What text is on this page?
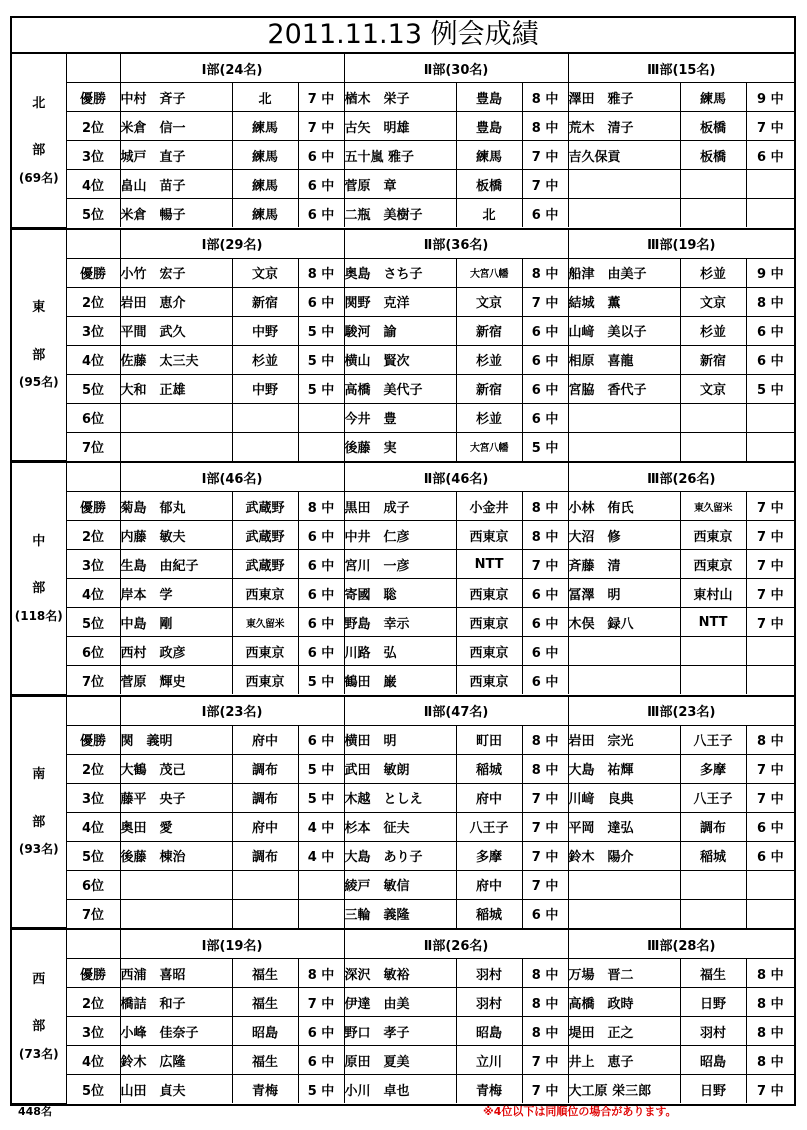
2011.11.13 例会成績
北
部
(69名)		Ⅰ部(24名)			Ⅱ部(30名)			Ⅲ部(15名)		
	優勝	中村　斉子	北	7 中	楢木　栄子	豊島	8 中	澤田　雅子	練馬	9 中
	2位	米倉　信一	練馬	7 中	古矢　明雄	豊島	8 中	荒木　清子	板橋	7 中
	3位	城戸　直子	練馬	6 中	五十嵐 雅子	練馬	7 中	吉久保貢	板橋	6 中
	4位	畠山　苗子	練馬	6 中	菅原　章	板橋	7 中			
	5位	米倉　暢子	練馬	6 中	二瓶　美樹子	北	6 中			
東
部
(95名)		Ⅰ部(29名)			Ⅱ部(36名)			Ⅲ部(19名)		
	優勝	小竹　宏子	文京	8 中	奥島　さち子	大宮八幡	8 中	船津　由美子	杉並	9 中
	2位	岩田　恵介	新宿	6 中	関野　克洋	文京	7 中	結城　薫	文京	8 中
	3位	平間　武久	中野	5 中	駿河　諭	新宿	6 中	山﨑　美以子	杉並	6 中
	4位	佐藤　太三夫	杉並	5 中	横山　賢次	杉並	6 中	相原　喜龍	新宿	6 中
	5位	大和　正雄	中野	5 中	高橋　美代子	新宿	6 中	宮脇　香代子	文京	5 中
	6位				今井　豊	杉並	6 中			
	7位				後藤　実	大宮八幡	5 中			
中
部
(118名)		Ⅰ部(46名)			Ⅱ部(46名)			Ⅲ部(26名)		
	優勝	菊島　郁丸	武蔵野	8 中	黒田　成子	小金井	8 中	小林　侑氏	東久留米	7 中
	2位	内藤　敏夫	武蔵野	6 中	中井　仁彦	西東京	8 中	大沼　修	西東京	7 中
	3位	生島　由紀子	武蔵野	6 中	宮川　一彦	NTT	7 中	斉藤　清	西東京	7 中
	4位	岸本　学	西東京	6 中	寄國　聡	西東京	6 中	冨澤　明	東村山	7 中
	5位	中島　剛	東久留米	6 中	野島　幸示	西東京	6 中	木俣　録八	NTT	7 中
	6位	西村　政彦	西東京	6 中	川路　弘	西東京	6 中			
	7位	菅原　輝史	西東京	5 中	鶴田　巌	西東京	6 中			
南
部
(93名)		Ⅰ部(23名)			Ⅱ部(47名)			Ⅲ部(23名)		
	優勝	関　義明	府中	6 中	横田　明	町田	8 中	岩田　宗光	八王子	8 中
	2位	大鶴　茂己	調布	5 中	武田　敏朗	稲城	8 中	大島　祐輝	多摩	7 中
	3位	藤平　央子	調布	5 中	木越　としえ	府中	7 中	川﨑　良典	八王子	7 中
	4位	奥田　愛	府中	4 中	杉本　征夫	八王子	7 中	平岡　達弘	調布	6 中
	5位	後藤　棟治	調布	4 中	大島　あり子	多摩	7 中	鈴木　陽介	稲城	6 中
	6位				綾戸　敏信	府中	7 中			
	7位				三輪　義隆	稲城	6 中			
西
部
(73名)		Ⅰ部(19名)			Ⅱ部(26名)			Ⅲ部(28名)		
	優勝	西浦　喜昭	福生	8 中	深沢　敏裕	羽村	8 中	万場　晋二	福生	8 中
	2位	橋詰　和子	福生	7 中	伊達　由美	羽村	8 中	高橋　政時	日野	8 中
	3位	小峰　佳奈子	昭島	6 中	野口　孝子	昭島	8 中	堤田　正之	羽村	8 中
	4位	鈴木　広隆	福生	6 中	原田　夏美	立川	7 中	井上　恵子	昭島	8 中
	5位	山田　貞夫	青梅	5 中	小川　卓也	青梅	7 中	大工原 栄三郎	日野	7 中
448名	※4位以下は同順位の場合があります。
